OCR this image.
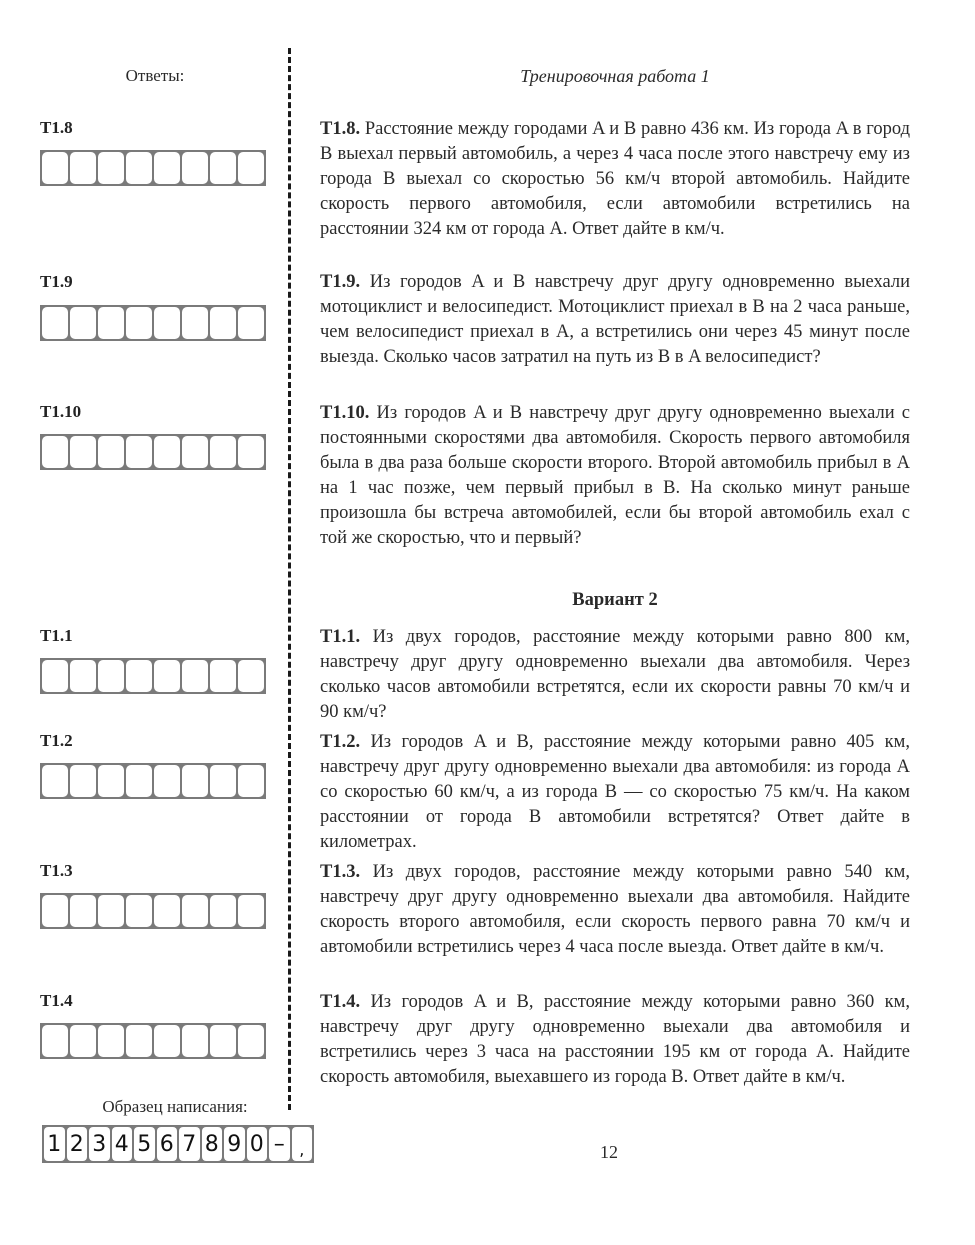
Ответы:	Тренировочная работа 1
T1.8
T1.9
T1.10
T1.1
T1.2
T1.3
T1.4
Образец написания:
1 2 3 4 5 6 7 8 9 0 – ,
T1.8. Расстояние между городами A и B равно 436 км. Из города A в город B выехал первый автомобиль, а через 4 часа после этого навстречу ему из города B выехал со скоростью 56 км/ч второй автомобиль. Найдите скорость первого автомобиля, если автомобили встретились на расстоянии 324 км от города A. Ответ дайте в км/ч.
T1.9. Из городов A и B навстречу друг другу одновременно выехали мотоциклист и велосипедист. Мотоциклист приехал в B на 2 часа раньше, чем велосипедист приехал в A, а встретились они через 45 минут после выезда. Сколько часов затратил на путь из B в A велосипедист?
T1.10. Из городов A и B навстречу друг другу одновременно выехали с постоянными скоростями два автомобиля. Скорость первого автомобиля была в два раза больше скорости второго. Второй автомобиль прибыл в A на 1 час позже, чем первый прибыл в B. На сколько минут раньше произошла бы встреча автомобилей, если бы второй автомобиль ехал с той же скоростью, что и первый?
Вариант 2
T1.1. Из двух городов, расстояние между которыми равно 800 км, навстречу друг другу одновременно выехали два автомобиля. Через сколько часов автомобили встретятся, если их скорости равны 70 км/ч и 90 км/ч?
T1.2. Из городов A и B, расстояние между которыми равно 405 км, навстречу друг другу одновременно выехали два автомобиля: из города A со скоростью 60 км/ч, а из города B — со скоростью 75 км/ч. На каком расстоянии от города B автомобили встретятся? Ответ дайте в километрах.
T1.3. Из двух городов, расстояние между которыми равно 540 км, навстречу друг другу одновременно выехали два автомобиля. Найдите скорость второго автомобиля, если скорость первого равна 70 км/ч и автомобили встретились через 4 часа после выезда. Ответ дайте в км/ч.
T1.4. Из городов A и B, расстояние между которыми равно 360 км, навстречу друг другу одновременно выехали два автомобиля и встретились через 3 часа на расстоянии 195 км от города A. Найдите скорость автомобиля, выехавшего из города B. Ответ дайте в км/ч.
12
